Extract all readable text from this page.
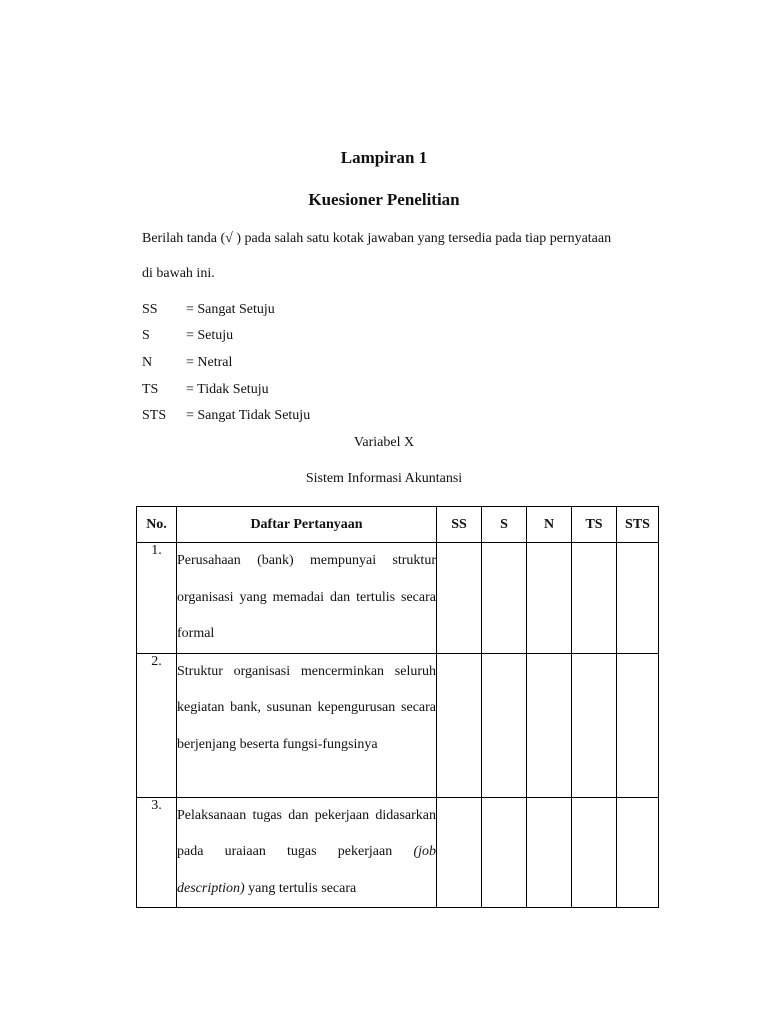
Lampiran 1
Kuesioner Penelitian
Berilah tanda (√ ) pada salah satu kotak jawaban yang tersedia pada tiap pernyataan
di bawah ini.
SS	= Sangat Setuju
S	= Setuju
N	= Netral
TS	= Tidak Setuju
STS	= Sangat Tidak Setuju
Variabel X
Sistem Informasi Akuntansi
No.	Daftar Pertanyaan	SS	S	N	TS	STS
1.	Perusahaan (bank) mempunyai struktur organisasi yang memadai dan tertulis secara formal					
2.	Struktur organisasi mencerminkan seluruh kegiatan bank, susunan kepengurusan secara berjenjang beserta fungsi-fungsinya					
3.	Pelaksanaan tugas dan pekerjaan didasarkan pada uraiaan tugas pekerjaan (job description) yang tertulis secara					
